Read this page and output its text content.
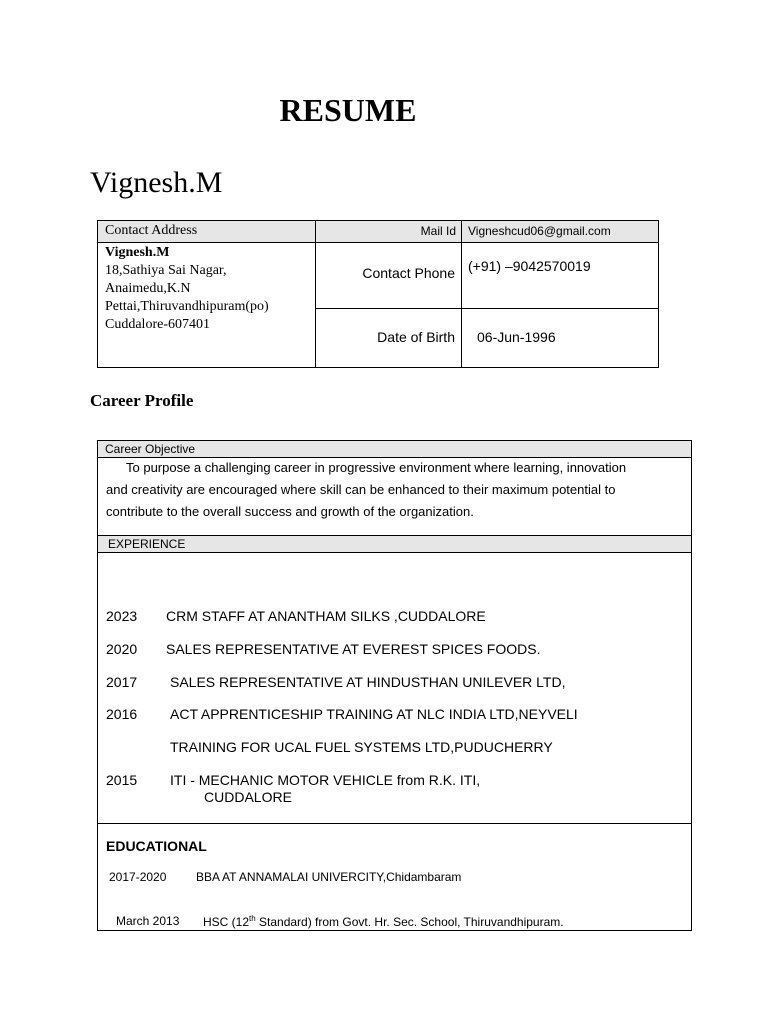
RESUME
Vignesh.M
Contact Address	Mail Id Vigneshcud06@gmail.com
Vignesh.M
18,Sathiya Sai Nagar,
Anaimedu,K.N
Pettai,Thiruvandhipuram(po)
Cuddalore-607401
Contact Phone (+91) –9042570019
Date of Birth 06-Jun-1996
Career Profile
Career Objective
To purpose a challenging career in progressive environment where learning, innovation
and creativity are encouraged where skill can be enhanced to their maximum potential to
contribute to the overall success and growth of the organization.
EXPERIENCE
2023 CRM STAFF AT ANANTHAM SILKS ,CUDDALORE
2020 SALES REPRESENTATIVE AT EVEREST SPICES FOODS.
2017 SALES REPRESENTATIVE AT HINDUSTHAN UNILEVER LTD,
2016 ACT APPRENTICESHIP TRAINING AT NLC INDIA LTD,NEYVELI
TRAINING FOR UCAL FUEL SYSTEMS LTD,PUDUCHERRY
2015 ITI - MECHANIC MOTOR VEHICLE from R.K. ITI,
CUDDALORE
EDUCATIONAL
2017-2020 BBA AT ANNAMALAI UNIVERCITY,Chidambaram
March 2013 HSC (12th Standard) from Govt. Hr. Sec. School, Thiruvandhipuram.
